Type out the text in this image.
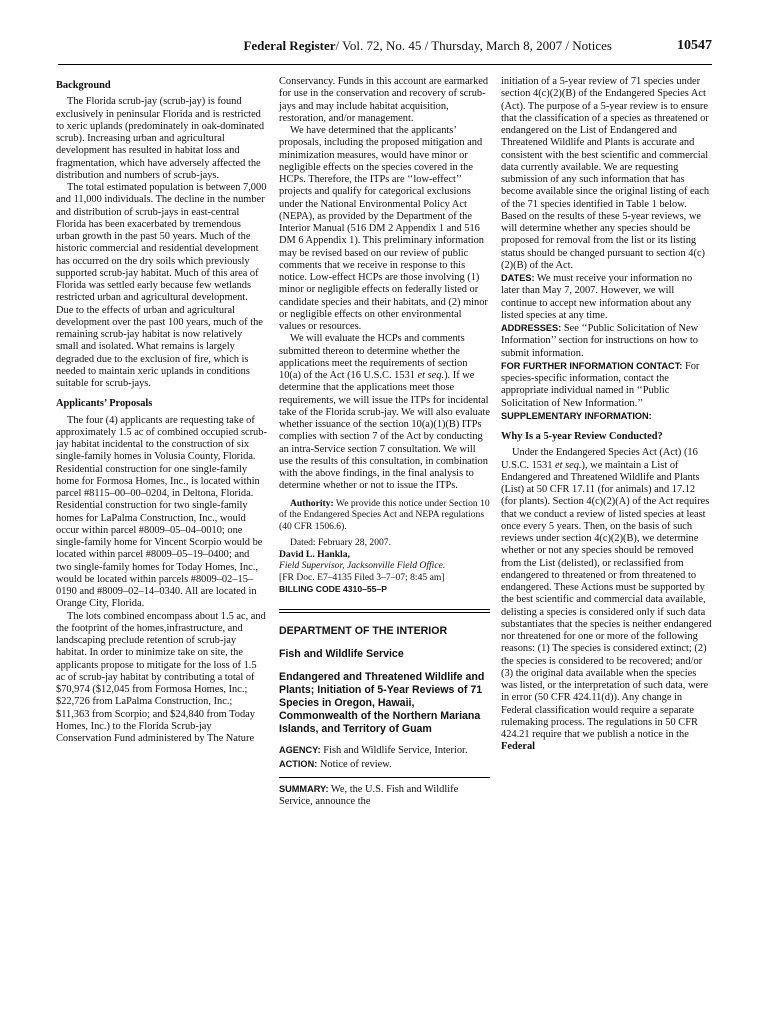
Federal Register/ Vol. 72, No. 45 / Thursday, March 8, 2007 / Notices	10547

Background

The Florida scrub-jay (scrub-jay) is found exclusively in peninsular Florida and is restricted to xeric uplands (predominately in oak-dominated scrub). Increasing urban and agricultural development has resulted in habitat loss and fragmentation, which have adversely affected the distribution and numbers of scrub-jays.

The total estimated population is between 7,000 and 11,000 individuals. The decline in the number and distribution of scrub-jays in east-central Florida has been exacerbated by tremendous urban growth in the past 50 years. Much of the historic commercial and residential development has occurred on the dry soils which previously supported scrub-jay habitat. Much of this area of Florida was settled early because few wetlands restricted urban and agricultural development. Due to the effects of urban and agricultural development over the past 100 years, much of the remaining scrub-jay habitat is now relatively small and isolated. What remains is largely degraded due to the exclusion of fire, which is needed to maintain xeric uplands in conditions suitable for scrub-jays.

Applicants’ Proposals

The four (4) applicants are requesting take of approximately 1.5 ac of combined occupied scrub-jay habitat incidental to the construction of six single-family homes in Volusia County, Florida. Residential construction for one single-family home for Formosa Homes, Inc., is located within parcel #8115–00–00–0204, in Deltona, Florida. Residential construction for two single-family homes for LaPalma Construction, Inc., would occur within parcel #8009–05–04–0010; one single-family home for Vincent Scorpio would be located within parcel #8009–05–19–0400; and two single-family homes for Today Homes, Inc., would be located within parcels #8009–02–15–0190 and #8009–02–14–0340. All are located in Orange City, Florida.

The lots combined encompass about 1.5 ac, and the footprint of the homes,infrastructure, and landscaping preclude retention of scrub-jay habitat. In order to minimize take on site, the applicants propose to mitigate for the loss of 1.5 ac of scrub-jay habitat by contributing a total of $70,974 ($12,045 from Formosa Homes, Inc.; $22,726 from LaPalma Construction, Inc.; $11,363 from Scorpio; and $24,840 from Today Homes, Inc.) to the Florida Scrub-jay Conservation Fund administered by The Nature

Conservancy. Funds in this account are earmarked for use in the conservation and recovery of scrub-jays and may include habitat acquisition, restoration, and/or management.

We have determined that the applicants’ proposals, including the proposed mitigation and minimization measures, would have minor or negligible effects on the species covered in the HCPs. Therefore, the ITPs are ‘‘low-effect’’ projects and qualify for categorical exclusions under the National Environmental Policy Act (NEPA), as provided by the Department of the Interior Manual (516 DM 2 Appendix 1 and 516 DM 6 Appendix 1). This preliminary information may be revised based on our review of public comments that we receive in response to this notice. Low-effect HCPs are those involving (1) minor or negligible effects on federally listed or candidate species and their habitats, and (2) minor or negligible effects on other environmental values or resources.

We will evaluate the HCPs and comments submitted thereon to determine whether the applications meet the requirements of section 10(a) of the Act (16 U.S.C. 1531 et seq.). If we determine that the applications meet those requirements, we will issue the ITPs for incidental take of the Florida scrub-jay. We will also evaluate whether issuance of the section 10(a)(1)(B) ITPs complies with section 7 of the Act by conducting an intra-Service section 7 consultation. We will use the results of this consultation, in combination with the above findings, in the final analysis to determine whether or not to issue the ITPs.

Authority: We provide this notice under Section 10 of the Endangered Species Act and NEPA regulations (40 CFR 1506.6).

Dated: February 28, 2007.

David L. Hankla,

Field Supervisor, Jacksonville Field Office.

[FR Doc. E7–4135 Filed 3–7–07; 8:45 am]

BILLING CODE 4310–55–P

DEPARTMENT OF THE INTERIOR

Fish and Wildlife Service

Endangered and Threatened Wildlife and Plants; Initiation of 5-Year Reviews of 71 Species in Oregon, Hawaii, Commonwealth of the Northern Mariana Islands, and Territory of Guam

AGENCY: Fish and Wildlife Service, Interior.

ACTION: Notice of review.

SUMMARY: We, the U.S. Fish and Wildlife Service, announce the

initiation of a 5-year review of 71 species under section 4(c)(2)(B) of the Endangered Species Act (Act). The purpose of a 5-year review is to ensure that the classification of a species as threatened or endangered on the List of Endangered and Threatened Wildlife and Plants is accurate and consistent with the best scientific and commercial data currently available. We are requesting submission of any such information that has become available since the original listing of each of the 71 species identified in Table 1 below. Based on the results of these 5-year reviews, we will determine whether any species should be proposed for removal from the list or its listing status should be changed pursuant to section 4(c)(2)(B) of the Act.

DATES: We must receive your information no later than May 7, 2007. However, we will continue to accept new information about any listed species at any time.

ADDRESSES: See ‘‘Public Solicitation of New Information’’ section for instructions on how to submit information.

FOR FURTHER INFORMATION CONTACT: For species-specific information, contact the appropriate individual named in ‘‘Public Solicitation of New Information.’’

SUPPLEMENTARY INFORMATION:

Why Is a 5-year Review Conducted?

Under the Endangered Species Act (Act) (16 U.S.C. 1531 et seq.), we maintain a List of Endangered and Threatened Wildlife and Plants (List) at 50 CFR 17.11 (for animals) and 17.12 (for plants). Section 4(c)(2)(A) of the Act requires that we conduct a review of listed species at least once every 5 years. Then, on the basis of such reviews under section 4(c)(2)(B), we determine whether or not any species should be removed from the List (delisted), or reclassified from endangered to threatened or from threatened to endangered. These Actions must be supported by the best scientific and commercial data available, delisting a species is considered only if such data substantiates that the species is neither endangered nor threatened for one or more of the following reasons: (1) The species is considered extinct; (2) the species is considered to be recovered; and/or (3) the original data available when the species was listed, or the interpretation of such data, were in error (50 CFR 424.11(d)). Any change in Federal classification would require a separate rulemaking process. The regulations in 50 CFR 424.21 require that we publish a notice in the Federal
